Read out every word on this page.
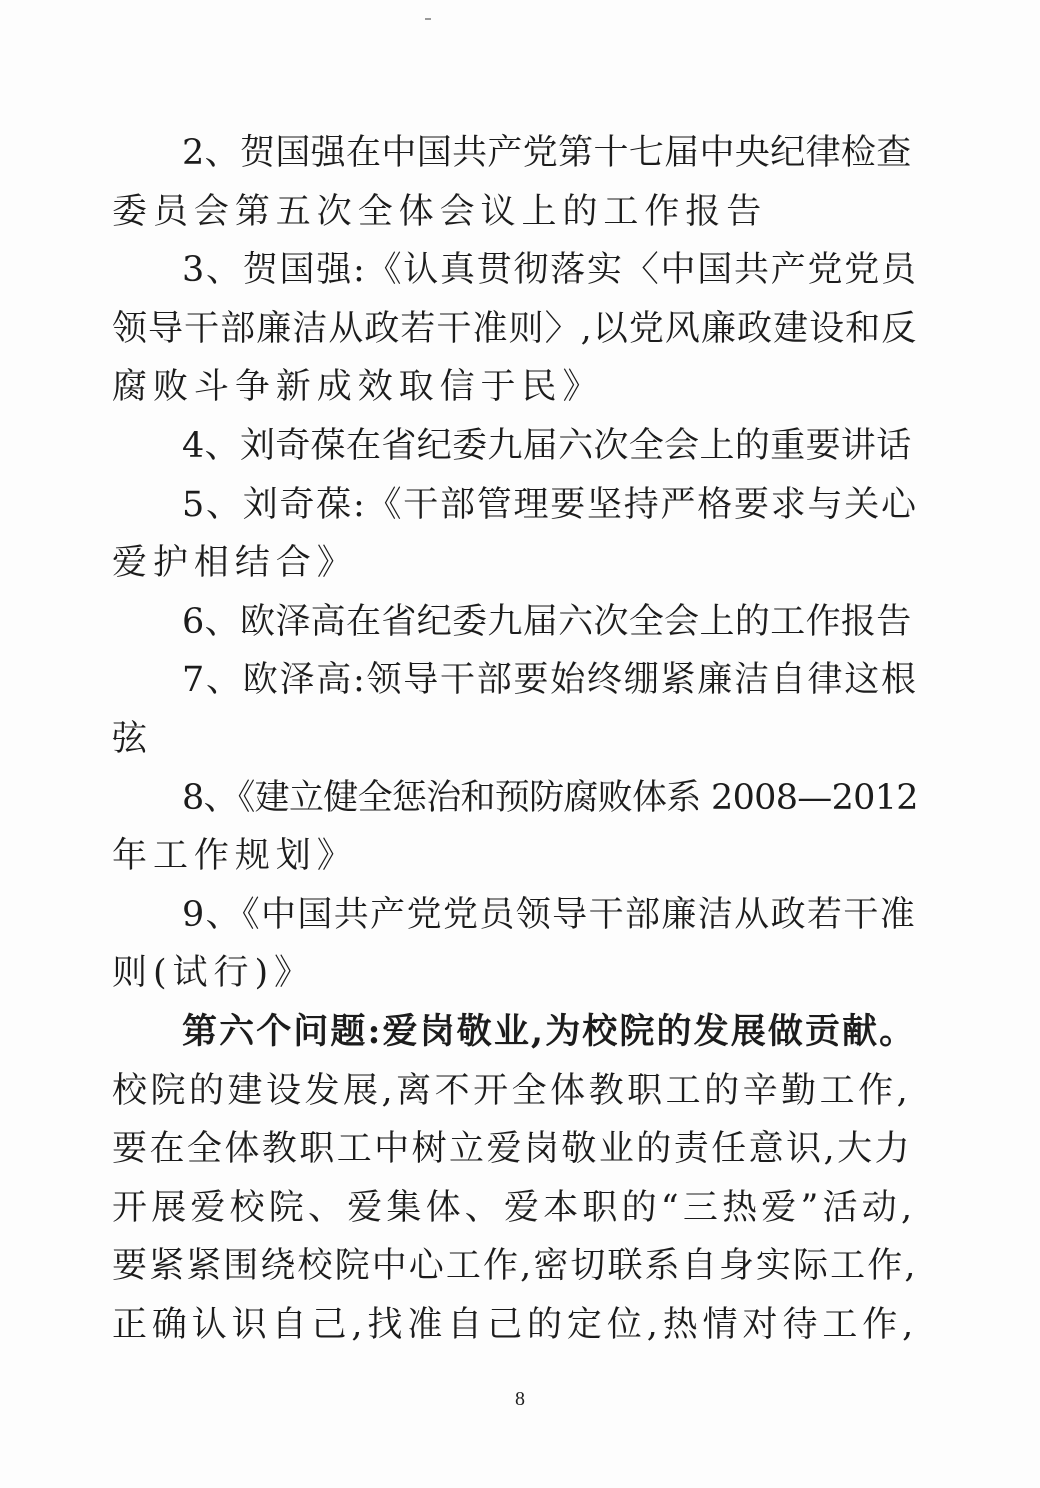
2、贺国强在中国共产党第十七届中央纪律检查
委员会第五次全体会议上的工作报告
3、贺国强:《认真贯彻落实〈中国共产党党员
领导干部廉洁从政若干准则〉,以党风廉政建设和反
腐败斗争新成效取信于民》
4、刘奇葆在省纪委九届六次全会上的重要讲话
5、刘奇葆:《干部管理要坚持严格要求与关心
爱护相结合》
6、欧泽高在省纪委九届六次全会上的工作报告
7、欧泽高:领导干部要始终绷紧廉洁自律这根
弦
8、《建立健全惩治和预防腐败体系 2008—2012
年工作规划》
9、《中国共产党党员领导干部廉洁从政若干准
则(试行)》
第六个问题:爱岗敬业,为校院的发展做贡献。
校院的建设发展,离不开全体教职工的辛勤工作,
要在全体教职工中树立爱岗敬业的责任意识,大力
开展爱校院、爱集体、爱本职的“三热爱”活动,
要紧紧围绕校院中心工作,密切联系自身实际工作,
正确认识自己,找准自己的定位,热情对待工作,
8
